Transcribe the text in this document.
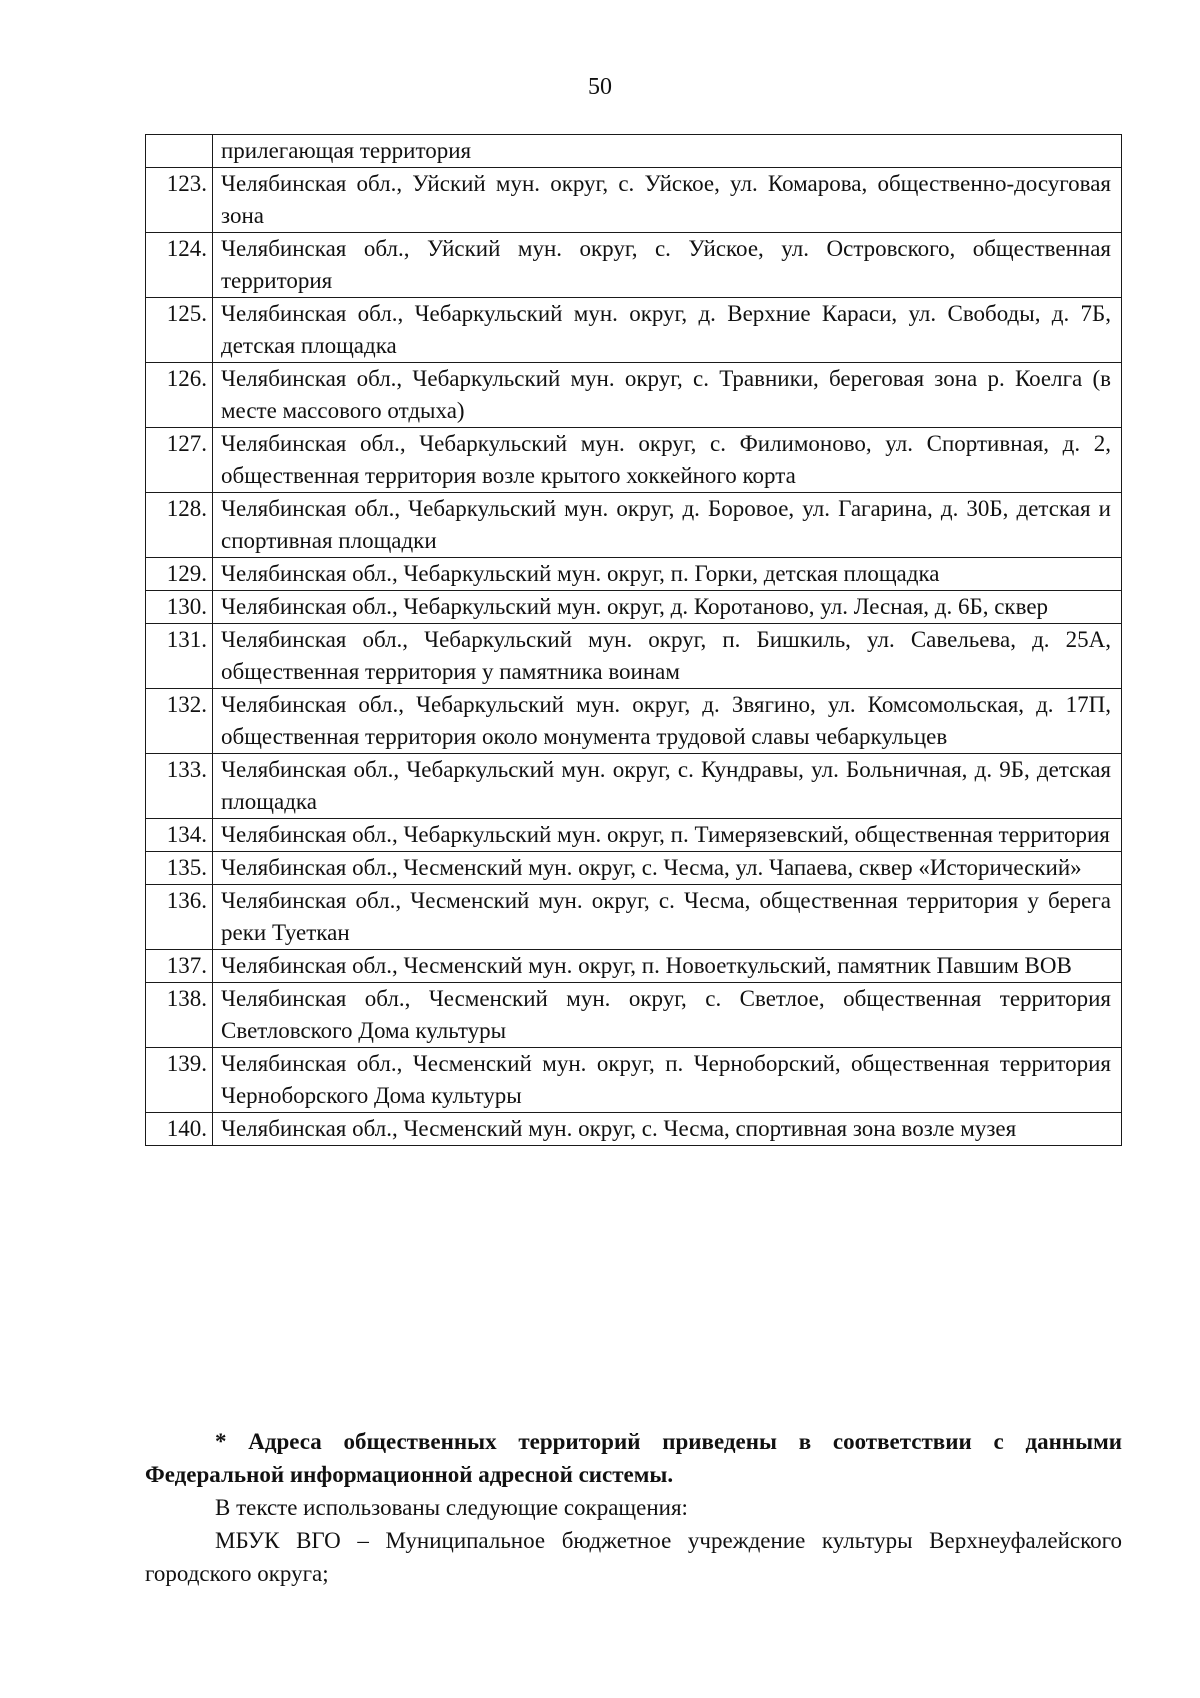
50
	прилегающая территория
123.	Челябинская обл., Уйский мун. округ, с. Уйское, ул. Комарова, общественно-досуговая зона
124.	Челябинская обл., Уйский мун. округ, с. Уйское, ул. Островского, общественная территория
125.	Челябинская обл., Чебаркульский мун. округ, д. Верхние Караси, ул. Свободы, д. 7Б, детская площадка
126.	Челябинская обл., Чебаркульский мун. округ, с. Травники, береговая зона р. Коелга (в месте массового отдыха)
127.	Челябинская обл., Чебаркульский мун. округ, с. Филимоново, ул. Спортивная, д. 2, общественная территория возле крытого хоккейного корта
128.	Челябинская обл., Чебаркульский мун. округ, д. Боровое, ул. Гагарина, д. 30Б, детская и спортивная площадки
129.	Челябинская обл., Чебаркульский мун. округ, п. Горки, детская площадка
130.	Челябинская обл., Чебаркульский мун. округ, д. Коротаново, ул. Лесная, д. 6Б, сквер
131.	Челябинская обл., Чебаркульский мун. округ, п. Бишкиль, ул. Савельева, д. 25А, общественная территория у памятника воинам
132.	Челябинская обл., Чебаркульский мун. округ, д. Звягино, ул. Комсомольская, д. 17П, общественная территория около монумента трудовой славы чебаркульцев
133.	Челябинская обл., Чебаркульский мун. округ, с. Кундравы, ул. Больничная, д. 9Б, детская площадка
134.	Челябинская обл., Чебаркульский мун. округ, п. Тимерязевский, общественная территория
135.	Челябинская обл., Чесменский мун. округ, с. Чесма, ул. Чапаева, сквер «Исторический»
136.	Челябинская обл., Чесменский мун. округ, с. Чесма, общественная территория у берега реки Туеткан
137.	Челябинская обл., Чесменский мун. округ, п. Новоеткульский, памятник Павшим ВОВ
138.	Челябинская обл., Чесменский мун. округ, с. Светлое, общественная территория Светловского Дома культуры
139.	Челябинская обл., Чесменский мун. округ, п. Черноборский, общественная территория Черноборского Дома культуры
140.	Челябинская обл., Чесменский мун. округ, с. Чесма, спортивная зона возле музея

* Адреса общественных территорий приведены в соответствии с данными Федеральной информационной адресной системы.

В тексте использованы следующие сокращения:

МБУК ВГО – Муниципальное бюджетное учреждение культуры Верхнеуфалейского городского округа;
